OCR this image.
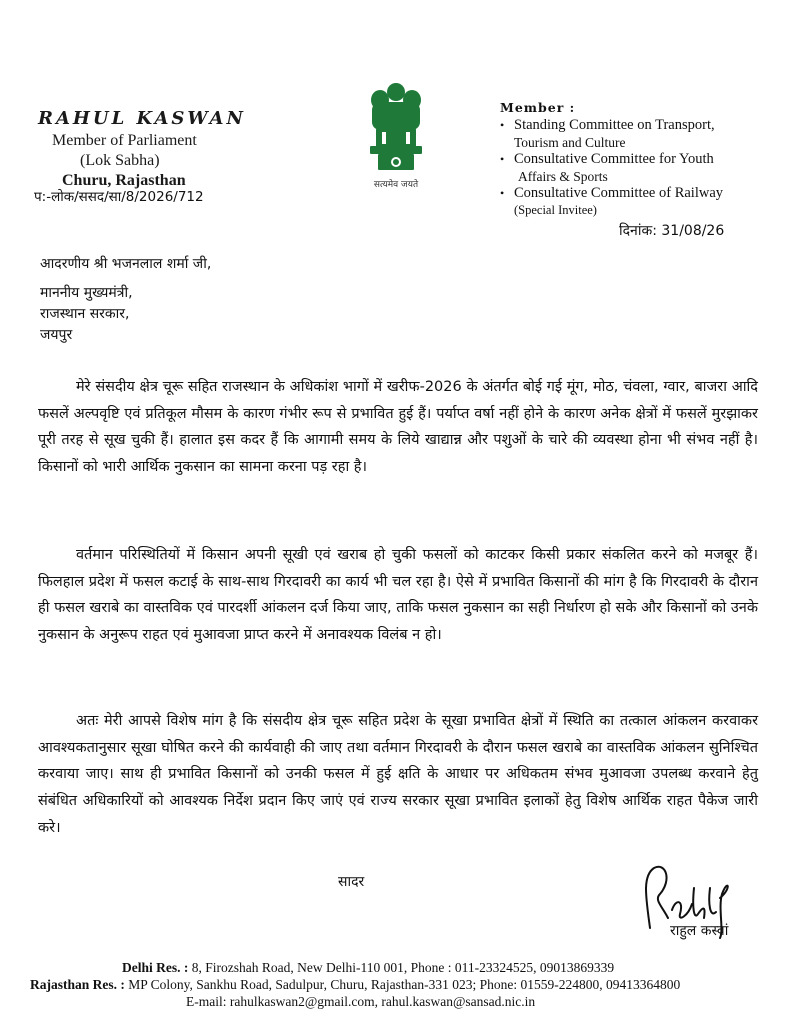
RAHUL KASWAN
Member of Parliament
(Lok Sabha)
Churu, Rajasthan
प:-लोक/ससद/सा/8/2026/712
सत्यमेव जयते
Member :
• Standing Committee on Transport,
Tourism and Culture
• Consultative Committee for Youth
Affairs & Sports
• Consultative Committee of Railway
(Special Invitee)
दिनांक: 31/08/26
आदरणीय श्री भजनलाल शर्मा जी,
माननीय मुख्यमंत्री,
राजस्थान सरकार,
जयपुर
मेरे संसदीय क्षेत्र चूरू सहित राजस्थान के अधिकांश भागों में खरीफ-2026 के अंतर्गत बोई गई मूंग, मोठ, चंवला, ग्वार, बाजरा आदि फसलें अल्पवृष्टि एवं प्रतिकूल मौसम के कारण गंभीर रूप से प्रभावित हुई हैं। पर्याप्त वर्षा नहीं होने के कारण अनेक क्षेत्रों में फसलें मुरझाकर पूरी तरह से सूख चुकी हैं। हालात इस कदर हैं कि आगामी समय के लिये खाद्यान्न और पशुओं के चारे की व्यवस्था होना भी संभव नहीं है। किसानों को भारी आर्थिक नुकसान का सामना करना पड़ रहा है।
वर्तमान परिस्थितियों में किसान अपनी सूखी एवं खराब हो चुकी फसलों को काटकर किसी प्रकार संकलित करने को मजबूर हैं। फिलहाल प्रदेश में फसल कटाई के साथ-साथ गिरदावरी का कार्य भी चल रहा है। ऐसे में प्रभावित किसानों की मांग है कि गिरदावरी के दौरान ही फसल खराबे का वास्तविक एवं पारदर्शी आंकलन दर्ज किया जाए, ताकि फसल नुकसान का सही निर्धारण हो सके और किसानों को उनके नुकसान के अनुरूप राहत एवं मुआवजा प्राप्त करने में अनावश्यक विलंब न हो।
अतः मेरी आपसे विशेष मांग है कि संसदीय क्षेत्र चूरू सहित प्रदेश के सूखा प्रभावित क्षेत्रों में स्थिति का तत्काल आंकलन करवाकर आवश्यकतानुसार सूखा घोषित करने की कार्यवाही की जाए तथा वर्तमान गिरदावरी के दौरान फसल खराबे का वास्तविक आंकलन सुनिश्चित करवाया जाए। साथ ही प्रभावित किसानों को उनकी फसल में हुई क्षति के आधार पर अधिकतम संभव मुआवजा उपलब्ध करवाने हेतु संबंधित अधिकारियों को आवश्यक निर्देश प्रदान किए जाएं एवं राज्य सरकार सूखा प्रभावित इलाकों हेतु विशेष आर्थिक राहत पैकेज जारी करे।
सादर
राहुल कस्वां
Delhi Res. : 8, Firozshah Road, New Delhi-110 001, Phone : 011-23324525, 09013869339
Rajasthan Res. : MP Colony, Sankhu Road, Sadulpur, Churu, Rajasthan-331 023; Phone: 01559-224800, 09413364800
E-mail: rahulkaswan2@gmail.com, rahul.kaswan@sansad.nic.in
